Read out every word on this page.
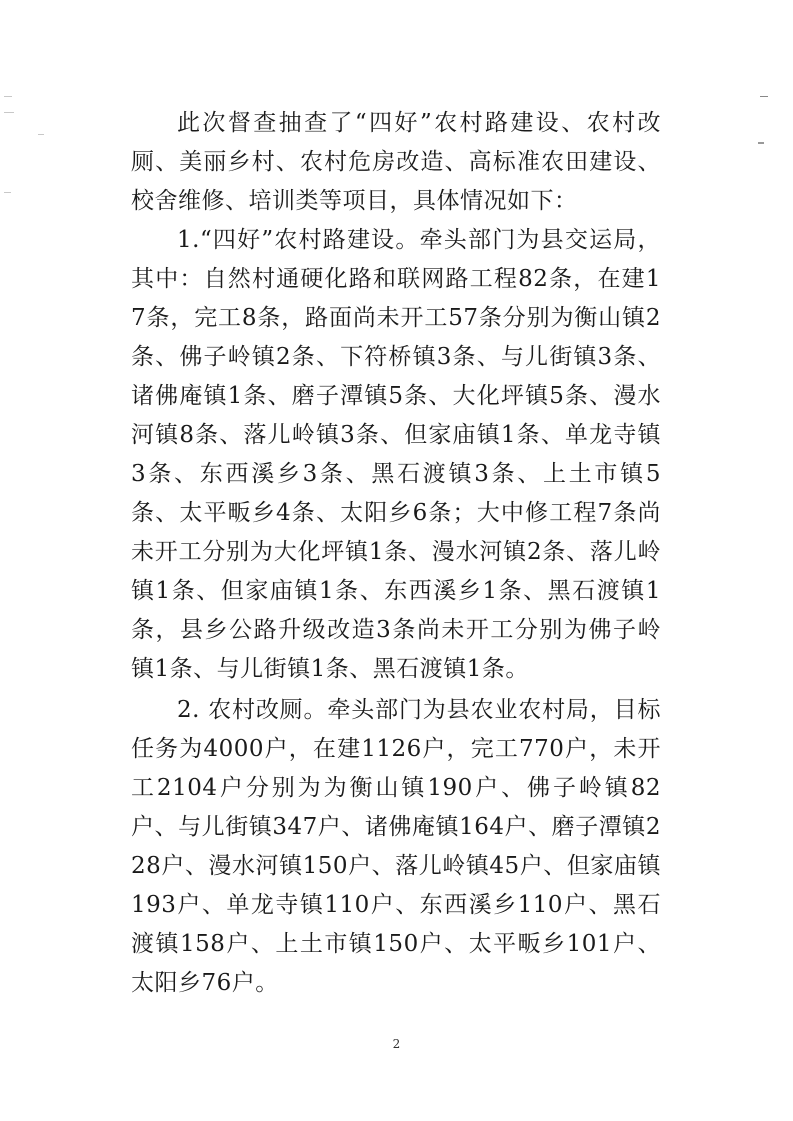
此次督查抽查了“四好”农村路建设、农村改厕、美丽乡村、农村危房改造、高标准农田建设、校舍维修、培训类等项目，具体情况如下：

1.“四好”农村路建设。牵头部门为县交运局，其中：自然村通硬化路和联网路工程82条，在建17条，完工8条，路面尚未开工57条分别为衡山镇2条、佛子岭镇2条、下符桥镇3条、与儿街镇3条、诸佛庵镇1条、磨子潭镇5条、大化坪镇5条、漫水河镇8条、落儿岭镇3条、但家庙镇1条、单龙寺镇3条、东西溪乡3条、黑石渡镇3条、上土市镇5条、太平畈乡4条、太阳乡6条；大中修工程7条尚未开工分别为大化坪镇1条、漫水河镇2条、落儿岭镇1条、但家庙镇1条、东西溪乡1条、黑石渡镇1条，县乡公路升级改造3条尚未开工分别为佛子岭镇1条、与儿街镇1条、黑石渡镇1条。

2. 农村改厕。牵头部门为县农业农村局，目标任务为4000户，在建1126户，完工770户，未开工2104户分别为为衡山镇190户、佛子岭镇82户、与儿街镇347户、诸佛庵镇164户、磨子潭镇228户、漫水河镇150户、落儿岭镇45户、但家庙镇193户、单龙寺镇110户、东西溪乡110户、黑石渡镇158户、上土市镇150户、太平畈乡101户、太阳乡76户。

2
